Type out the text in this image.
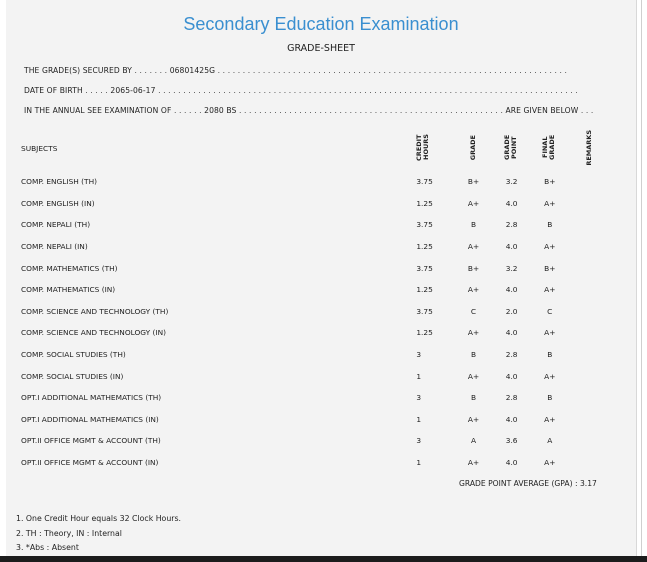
Secondary Education Examination
GRADE-SHEET
THE GRADE(S) SECURED BY . . . . . . . 06801425G . . . . . . . . . . . . . . . . . . . . . . . . . . . . . . . . . . . . . . . . . . . . . . . . . . . . . . . . . . . . . . . . . . . . . .
DATE OF BIRTH . . . . . 2065-06-17 . . . . . . . . . . . . . . . . . . . . . . . . . . . . . . . . . . . . . . . . . . . . . . . . . . . . . . . . . . . . . . . . . . . . . . . . . . . . . . . . . . . .
IN THE ANNUAL SEE EXAMINATION OF . . . . . . 2080 BS . . . . . . . . . . . . . . . . . . . . . . . . . . . . . . . . . . . . . . . . . . . . . . . . . . . . . ARE GIVEN BELOW . . .
SUBJECTS	CREDIT HOURS	GRADE	GRADE POINT	FINAL GRADE	REMARKS
COMP. ENGLISH (TH)	3.75	B+	3.2	B+	
COMP. ENGLISH (IN)	1.25	A+	4.0	A+	
COMP. NEPALI (TH)	3.75	B	2.8	B	
COMP. NEPALI (IN)	1.25	A+	4.0	A+	
COMP. MATHEMATICS (TH)	3.75	B+	3.2	B+	
COMP. MATHEMATICS (IN)	1.25	A+	4.0	A+	
COMP. SCIENCE AND TECHNOLOGY (TH)	3.75	C	2.0	C	
COMP. SCIENCE AND TECHNOLOGY (IN)	1.25	A+	4.0	A+	
COMP. SOCIAL STUDIES (TH)	3	B	2.8	B	
COMP. SOCIAL STUDIES (IN)	1	A+	4.0	A+	
OPT.I ADDITIONAL MATHEMATICS (TH)	3	B	2.8	B	
OPT.I ADDITIONAL MATHEMATICS (IN)	1	A+	4.0	A+	
OPT.II OFFICE MGMT & ACCOUNT (TH)	3	A	3.6	A	
OPT.II OFFICE MGMT & ACCOUNT (IN)	1	A+	4.0	A+	
GRADE POINT AVERAGE (GPA) : 3.17
1. One Credit Hour equals 32 Clock Hours.
2. TH : Theory, IN : Internal
3. *Abs : Absent
